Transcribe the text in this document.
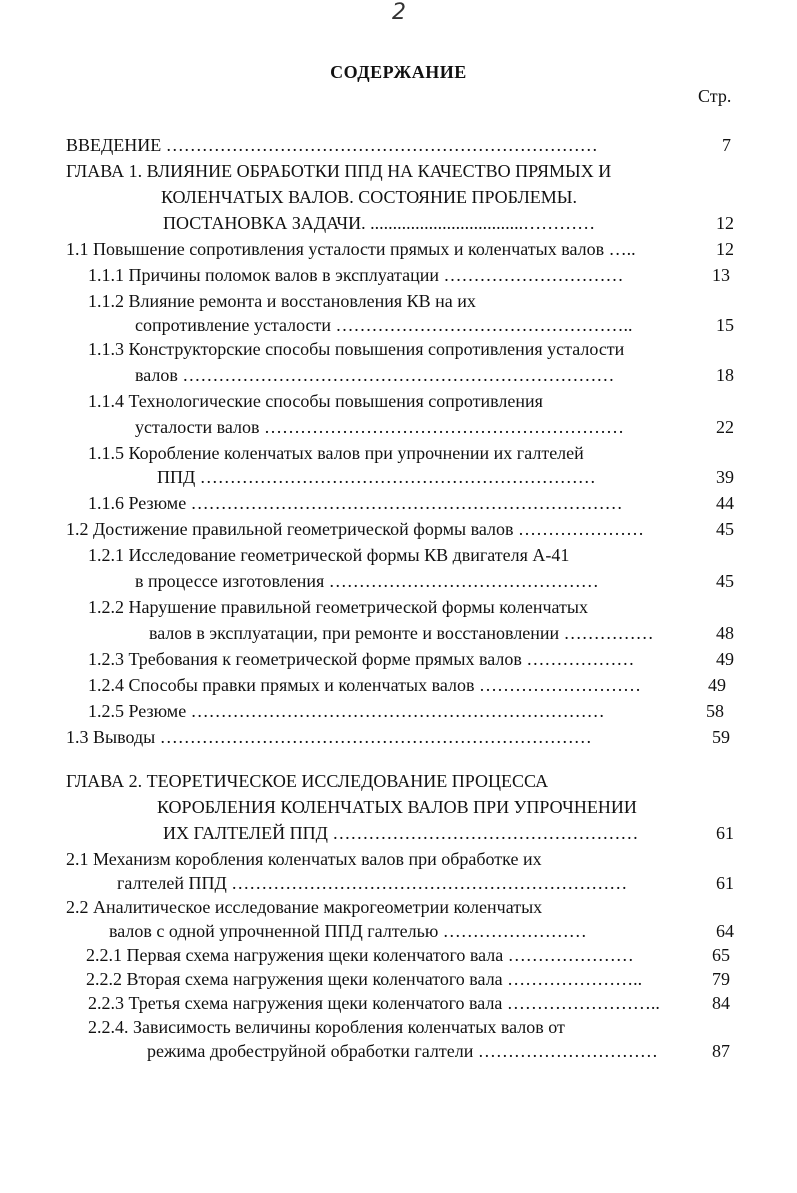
2
СОДЕРЖАНИЕ
Стр.
ВВЕДЕНИЕ ………………………………………………………………	7
ГЛАВА 1. ВЛИЯНИЕ ОБРАБОТКИ ППД НА КАЧЕСТВО ПРЯМЫХ И
КОЛЕНЧАТЫХ ВАЛОВ. СОСТОЯНИЕ ПРОБЛЕМЫ.
ПОСТАНОВКА ЗАДАЧИ. ..................................…………	12
1.1 Повышение сопротивления усталости прямых и коленчатых валов …..	12
1.1.1 Причины поломок валов в эксплуатации …………………………	13
1.1.2 Влияние ремонта и восстановления КВ на их
сопротивление усталости …………………………………………..	15
1.1.3 Конструкторские способы повышения сопротивления усталости
валов ………………………………………………………………	18
1.1.4 Технологические способы повышения сопротивления
усталости валов ……………………………………………………	22
1.1.5 Коробление коленчатых валов при упрочнении их галтелей
ППД …………………………………………………………	39
1.1.6 Резюме ………………………………………………………………	44
1.2 Достижение правильной геометрической формы валов …………………	45
1.2.1 Исследование геометрической формы КВ двигателя А-41
в процессе изготовления ………………………………………	45
1.2.2 Нарушение правильной геометрической формы коленчатых
валов в эксплуатации, при ремонте и восстановлении ……………	48
1.2.3 Требования к геометрической форме прямых валов ………………	49
1.2.4 Способы правки прямых и коленчатых валов ………………………	49
1.2.5 Резюме ……………………………………………………………	58
1.3 Выводы ………………………………………………………………	59
ГЛАВА 2. ТЕОРЕТИЧЕСКОЕ ИССЛЕДОВАНИЕ ПРОЦЕССА
КОРОБЛЕНИЯ КОЛЕНЧАТЫХ ВАЛОВ ПРИ УПРОЧНЕНИИ
ИХ ГАЛТЕЛЕЙ ППД ……………………………………………	61
2.1 Механизм коробления коленчатых валов при обработке их
галтелей ППД …………………………………………………………	61
2.2 Аналитическое исследование макрогеометрии коленчатых
валов с одной упрочненной ППД галтелью ……………………	64
2.2.1 Первая схема нагружения щеки коленчатого вала …………………	65
2.2.2 Вторая схема нагружения щеки коленчатого вала …………………..	79
2.2.3 Третья схема нагружения щеки коленчатого вала ……………………..	84
2.2.4. Зависимость величины коробления коленчатых валов от
режима дробеструйной обработки галтели …………………………	87
